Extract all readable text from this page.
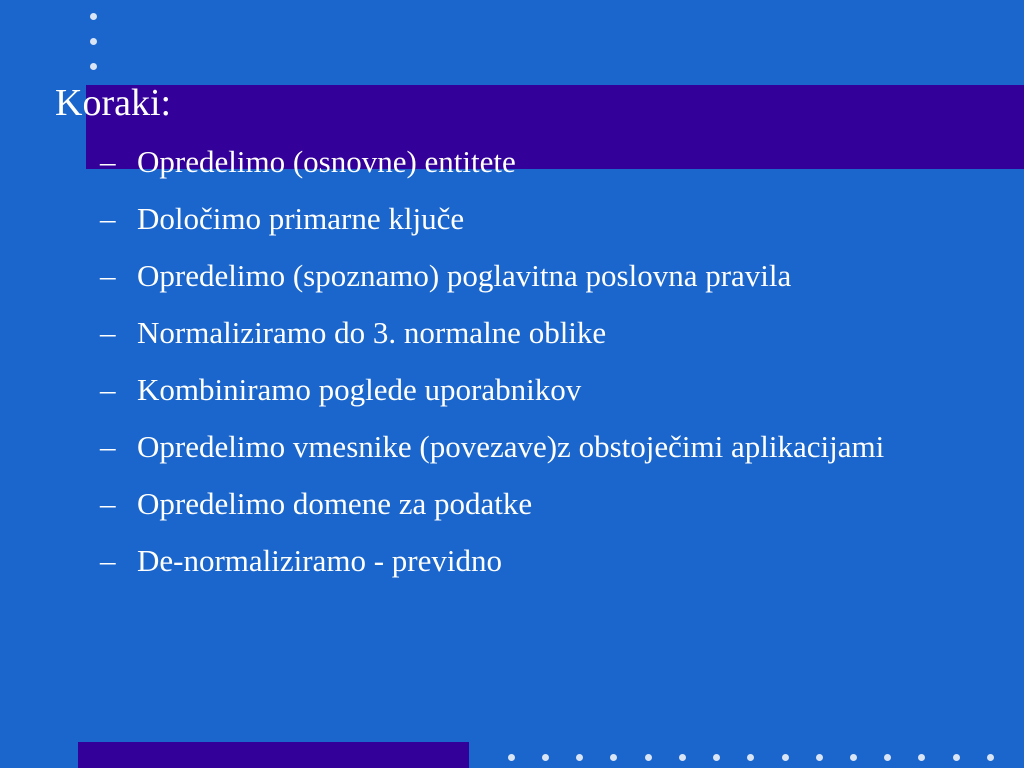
Koraki:
– Opredelimo (osnovne) entitete
– Določimo primarne ključe
– Opredelimo (spoznamo) poglavitna poslovna pravila
– Normaliziramo do 3. normalne oblike
– Kombiniramo poglede uporabnikov
– Opredelimo vmesnike (povezave)z obstoječimi aplikacijami
– Opredelimo domene za podatke
– De-normaliziramo - previdno
